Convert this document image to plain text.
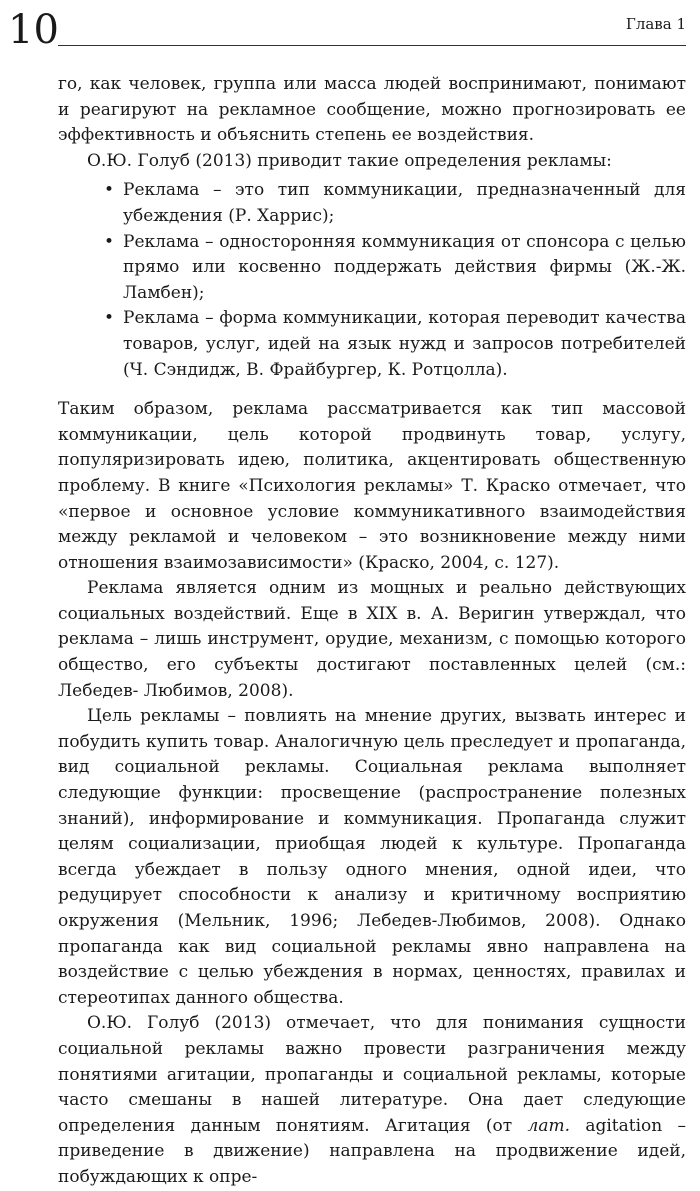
10	Глава 1

го, как человек, группа или масса людей воспринимают, понимают и реагируют на рекламное сообщение, можно прогнозировать ее эффективность и объяснить степень ее воздействия.

О.Ю. Голуб (2013) приводит такие определения рекламы:

• Реклама – это тип коммуникации, предназначенный для убеждения (Р. Харрис);
• Реклама – односторонняя коммуникация от спонсора с целью прямо или косвенно поддержать действия фирмы (Ж.-Ж. Ламбен);
• Реклама – форма коммуникации, которая переводит качества товаров, услуг, идей на язык нужд и запросов потребителей (Ч. Сэндидж, В. Фрайбургер, К. Ротцолла).

Таким образом, реклама рассматривается как тип массовой коммуникации, цель которой продвинуть товар, услугу, популяризировать идею, политика, акцентировать общественную проблему. В книге «Психология рекламы» Т. Краско отмечает, что «первое и основное условие коммуникативного взаимодействия между рекламой и человеком – это возникновение между ними отношения взаимозависимости» (Краско, 2004, с. 127).

Реклама является одним из мощных и реально действующих социальных воздействий. Еще в XIX в. А. Веригин утверждал, что реклама – лишь инструмент, орудие, механизм, с помощью которого общество, его субъекты достигают поставленных целей (см.: Лебедев- Любимов, 2008).

Цель рекламы – повлиять на мнение других, вызвать интерес и побудить купить товар. Аналогичную цель преследует и пропаганда, вид социальной рекламы. Социальная реклама выполняет следующие функции: просвещение (распространение полезных знаний), информирование и коммуникация. Пропаганда служит целям социализации, приобщая людей к культуре. Пропаганда всегда убеждает в пользу одного мнения, одной идеи, что редуцирует способности к анализу и критичному восприятию окружения (Мельник, 1996; Лебедев-Любимов, 2008). Однако пропаганда как вид социальной рекламы явно направлена на воздействие с целью убеждения в нормах, ценностях, правилах и стереотипах данного общества.

О.Ю. Голуб (2013) отмечает, что для понимания сущности социальной рекламы важно провести разграничения между понятиями агитации, пропаганды и социальной рекламы, которые часто смешаны в нашей литературе. Она дает следующие определения данным понятиям. Агитация (от лат. agitation – приведение в движение) направлена на продвижение идей, побуждающих к опре-
